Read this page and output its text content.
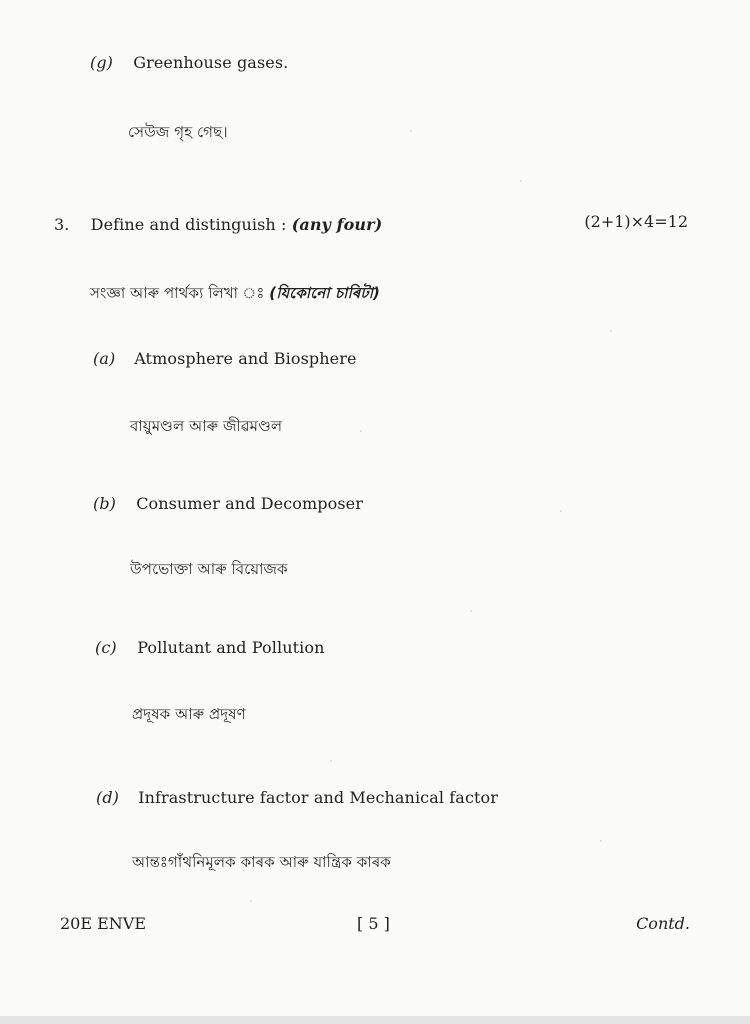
(g) Greenhouse gases.
সেউজ গৃহ গেছ।
3. Define and distinguish : (any four)	(2+1)×4=12
সংজ্ঞা আৰু পাৰ্থক্য লিখা ঃ (যিকোনো চাৰিটা)
(a) Atmosphere and Biosphere
বায়ুমণ্ডল আৰু জীৱমণ্ডল
(b) Consumer and Decomposer
উপভোক্তা আৰু বিয়োজক
(c) Pollutant and Pollution
প্ৰদূষক আৰু প্ৰদূষণ
(d) Infrastructure factor and Mechanical factor
আন্তঃগাঁথনিমূলক কাৰক আৰু যান্ত্ৰিক কাৰক
20E ENVE	[ 5 ]	Contd.
